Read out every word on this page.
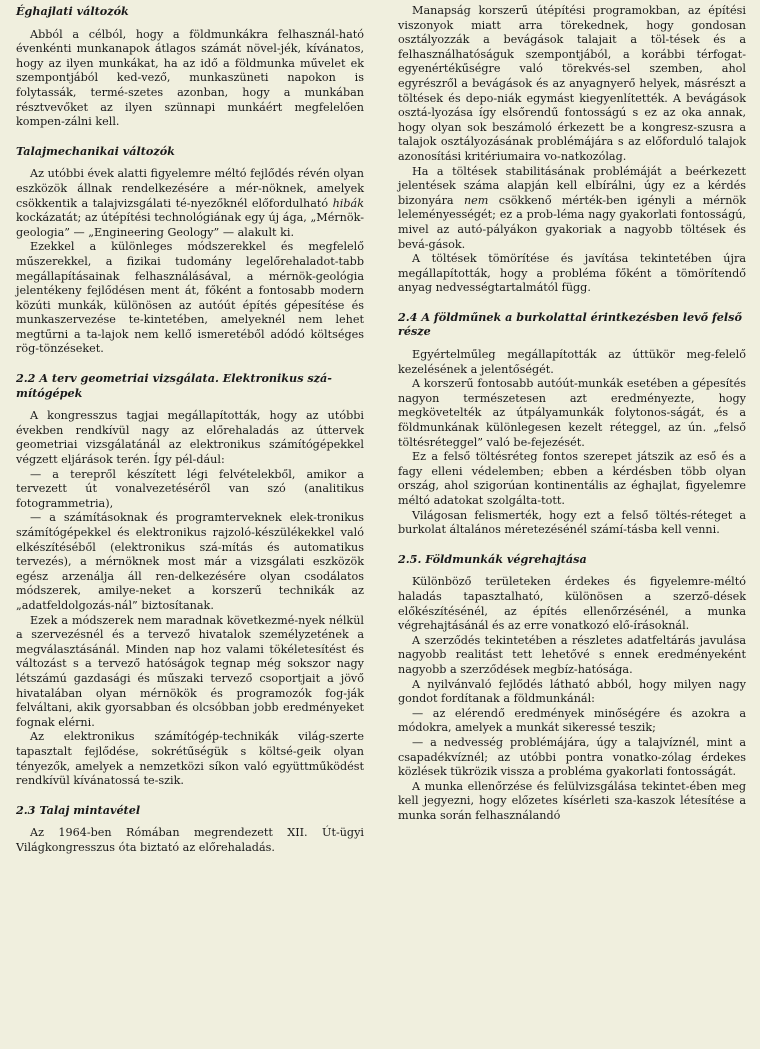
Éghajlati változók

Abból a célból, hogy a földmunkákra felhasznál-ható évenkénti munkanapok átlagos számát növel-jék, kívánatos, hogy az ilyen munkákat, ha az idő a földmunka művelet ek szempontjából ked-vező, munkaszüneti napokon is folytassák, termé-szetes azonban, hogy a munkában résztvevőket az ilyen szünnapi munkáért megfelelően kompen-zálni kell.

Talajmechanikai változók

Az utóbbi évek alatti figyelemre méltó fejlődés révén olyan eszközök állnak rendelkezésére a mér-nöknek, amelyek csökkentik a talajvizsgálati té-nyezőknél előfordulható hibák kockázatát; az útépítési technológiának egy új ága, „Mérnök-geologia” — „Engineering Geology” — alakult ki.

Ezekkel a különleges módszerekkel és megfelelő műszerekkel, a fizikai tudomány legelőrehaladot-tabb megállapításainak felhasználásával, a mérnök-geológia jelentékeny fejlődésen ment át, főként a fontosabb modern közúti munkák, különösen az autóút építés gépesítése és munkaszervezése te-kintetében, amelyeknél nem lehet megtűrni a ta-lajok nem kellő ismeretéből adódó költséges rög-tönzéseket.

2.2 A terv geometriai vizsgálata. Elektronikus szá-mítógépek

A kongresszus tagjai megállapították, hogy az utóbbi években rendkívül nagy az előrehaladás az úttervek geometriai vizsgálatánál az elektronikus számítógépekkel végzett eljárások terén. Így pél-dául:

— a terepről készített légi felvételekből, amikor a tervezett út vonalvezetéséről van szó (analitikus fotogrammetria),

— a számításoknak és programterveknek elek-tronikus számítógépekkel és elektronikus rajzoló-készülékekkel való elkészítéséből (elektronikus szá-mítás és automatikus tervezés), a mérnöknek most már a vizsgálati eszközök egész arzenálja áll ren-delkezésére olyan csodálatos módszerek, amilye-neket a korszerű technikák az „adatfeldolgozás-nál” biztosítanak.

Ezek a módszerek nem maradnak következmé-nyek nélkül a szervezésnél és a tervező hivatalok személyzetének a megválasztásánál. Minden nap hoz valami tökéletesítést és változást s a tervező hatóságok tegnap még sokszor nagy létszámú gazdasági és műszaki tervező csoportjait a jövő hivatalában olyan mérnökök és programozók fog-ják felváltani, akik gyorsabban és olcsóbban jobb eredményeket fognak elérni.

Az elektronikus számítógép-technikák világ-szerte tapasztalt fejlődése, sokrétűségük s költsé-geik olyan tényezők, amelyek a nemzetközi síkon való együttműködést rendkívül kívánatossá te-szik.

2.3 Talaj mintavétel

Az 1964-ben Rómában megrendezett XII. Út-ügyi Világkongresszus óta biztató az előrehaladás.

Manapság korszerű útépítési programokban, az építési viszonyok miatt arra törekednek, hogy gondosan osztályozzák a bevágások talajait a töl-tések és a felhasználhatóságuk szempontjából, a korábbi térfogat-egyenértékűségre való törekvés-sel szemben, ahol egyrészről a bevágások és az anyagnyerő helyek, másrészt a töltések és depo-niák egymást kiegyenlítették. A bevágások osztá-lyozása így elsőrendű fontosságú s ez az oka annak, hogy olyan sok beszámoló érkezett be a kongresz-szusra a talajok osztályozásának problémájára s az előforduló talajok azonosítási kritériumaira vo-natkozólag.

Ha a töltések stabilitásának problémáját a beérkezett jelentések száma alapján kell elbírálni, úgy ez a kérdés bizonyára nem csökkenő mérték-ben igényli a mérnök leleményességét; ez a prob-léma nagy gyakorlati fontosságú, mivel az autó-pályákon gyakoriak a nagyobb töltések és bevá-gások.

A töltések tömörítése és javítása tekintetében újra megállapították, hogy a probléma főként a tömörítendő anyag nedvességtartalmától függ.

2.4 A földműnek a burkolattal érintkezésben levő felső része

Egyértelműleg megállapították az úttükör meg-felelő kezelésének a jelentőségét.

A korszerű fontosabb autóút-munkák esetében a gépesítés nagyon természetesen azt eredményezte, hogy megkövetelték az útpályamunkák folytonos-ságát, és a földmunkának különlegesen kezelt réteggel, az ún. „felső töltésréteggel” való be-fejezését.

Ez a felső töltésréteg fontos szerepet játszik az eső és a fagy elleni védelemben; ebben a kérdésben több olyan ország, ahol szigorúan kontinentális az éghajlat, figyelemre méltó adatokat szolgálta-tott.

Világosan felismerték, hogy ezt a felső töltés-réteget a burkolat általános méretezésénél számí-tásba kell venni.

2.5. Földmunkák végrehajtása

Különböző területeken érdekes és figyelemre-méltó haladás tapasztalható, különösen a szerző-dések előkészítésénél, az építés ellenőrzésénél, a munka végrehajtásánál és az erre vonatkozó elő-írásoknál.

A szerződés tekintetében a részletes adatfeltárás javulása nagyobb realitást tett lehetővé s ennek eredményeként nagyobb a szerződések megbíz-hatósága.

A nyilvánvaló fejlődés látható abból, hogy milyen nagy gondot fordítanak a földmunkánál:

— az elérendő eredmények minőségére és azokra a módokra, amelyek a munkát sikeressé teszik;

— a nedvesség problémájára, úgy a talajvíznél, mint a csapadékvíznél; az utóbbi pontra vonatko-zólag érdekes közlések tükrözik vissza a probléma gyakorlati fontosságát.

A munka ellenőrzése és felülvizsgálása tekintet-ében meg kell jegyezni, hogy előzetes kísérleti sza-kaszok létesítése a munka során felhasználandó
